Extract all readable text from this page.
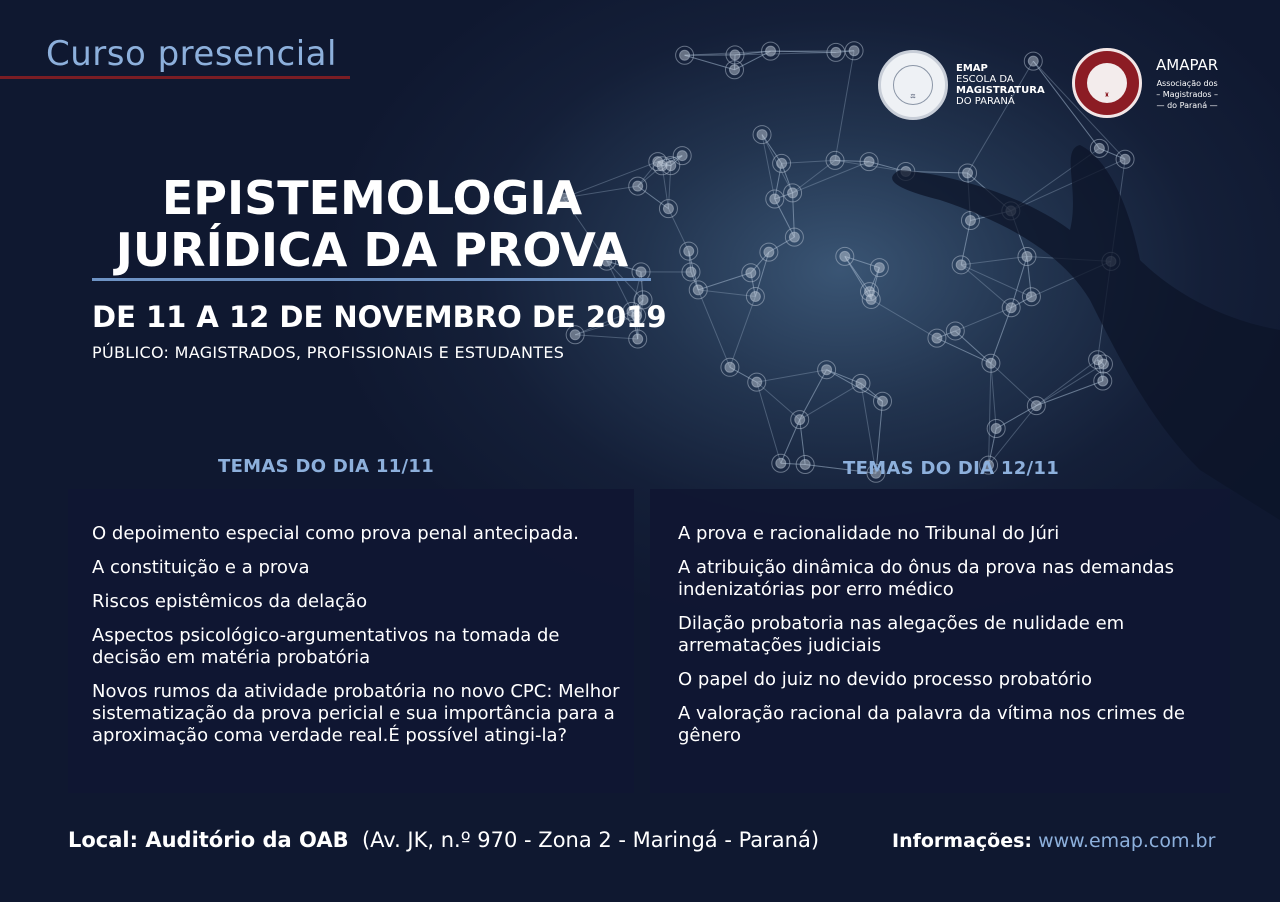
Curso presencial
⚖
EMAP
ESCOLA DA
MAGISTRATURA
DO PARANÁ
♜
AMAPAR
Associação dos
– Magistrados –
— do Paraná —
EPISTEMOLOGIA
JURÍDICA DA PROVA
DE 11 A 12 DE NOVEMBRO DE 2019
PÚBLICO: MAGISTRADOS, PROFISSIONAIS E ESTUDANTES
TEMAS DO DIA 11/11	TEMAS DO DIA 12/11
O depoimento especial como prova penal antecipada.
A constituição e a prova
Riscos epistêmicos da delação
Aspectos psicológico-argumentativos na tomada de decisão em matéria probatória
Novos rumos da atividade probatória no novo CPC: Melhor sistematização da prova pericial e sua importância para a aproximação coma verdade real.É possível atingi-la?
A prova e racionalidade no Tribunal do Júri
A atribuição dinâmica do ônus da prova nas demandas indenizatórias por erro médico
Dilação probatoria nas alegações de nulidade em arrematações judiciais
O papel do juiz no devido processo probatório
A valoração racional da palavra da vítima nos crimes de gênero
Local: Auditório da OAB (Av. JK, n.º 970 - Zona 2 - Maringá - Paraná)	Informações: www.emap.com.br
